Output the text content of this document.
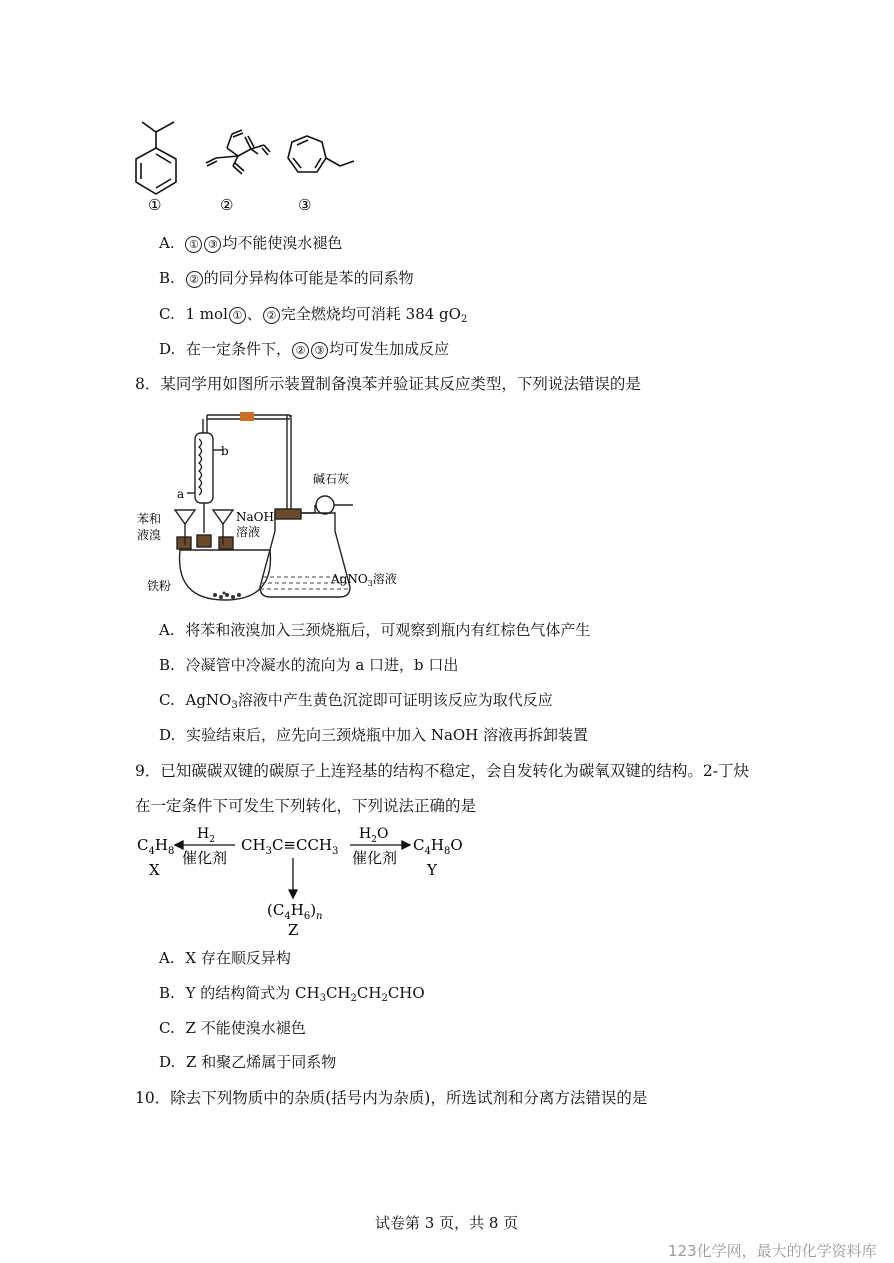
①	②	③
A. ① ③ 均不能使溴水褪色
B. ② 的同分异构体可能是苯的同系物
C. 1 mol ① 、 ② 完全燃烧均可消耗 384 $gO_2$
D. 在一定条件下， ② ③ 均可发生加成反应
8．某同学用如图所示装置制备溴苯并验证其反应类型，下列说法错误的是
b
a
苯和
液溴
NaOH
溶液
碱石灰
铁粉	AgNO$_3$溶液
A. 将苯和液溴加入三颈烧瓶后，可观察到瓶内有红棕色气体产生
B. 冷凝管中冷凝水的流向为 a 口进，b 口出
C. AgNO$_3$溶液中产生黄色沉淀即可证明该反应为取代反应
D. 实验结束后，应先向三颈烧瓶中加入 NaOH 溶液再拆卸装置
9．已知碳碳双键的碳原子上连羟基的结构不稳定，会自发转化为碳氧双键的结构。2-丁炔
在一定条件下可发生下列转化，下列说法正确的是
$C_4H_8$
X
$H_2$
催化剂
$CH_3C\equiv CCH_3$
$H_2O$
催化剂
$C_4H_8O$
Y
$(C_4H_6)_n$
Z
A. X 存在顺反异构
B. Y 的结构简式为 $CH_3CH_2CH_2CHO$
C. Z 不能使溴水褪色
D. Z 和聚乙烯属于同系物
10．除去下列物质中的杂质(括号内为杂质)，所选试剂和分离方法错误的是
试卷第 3 页，共 8 页
123化学网，最大的化学资料库
